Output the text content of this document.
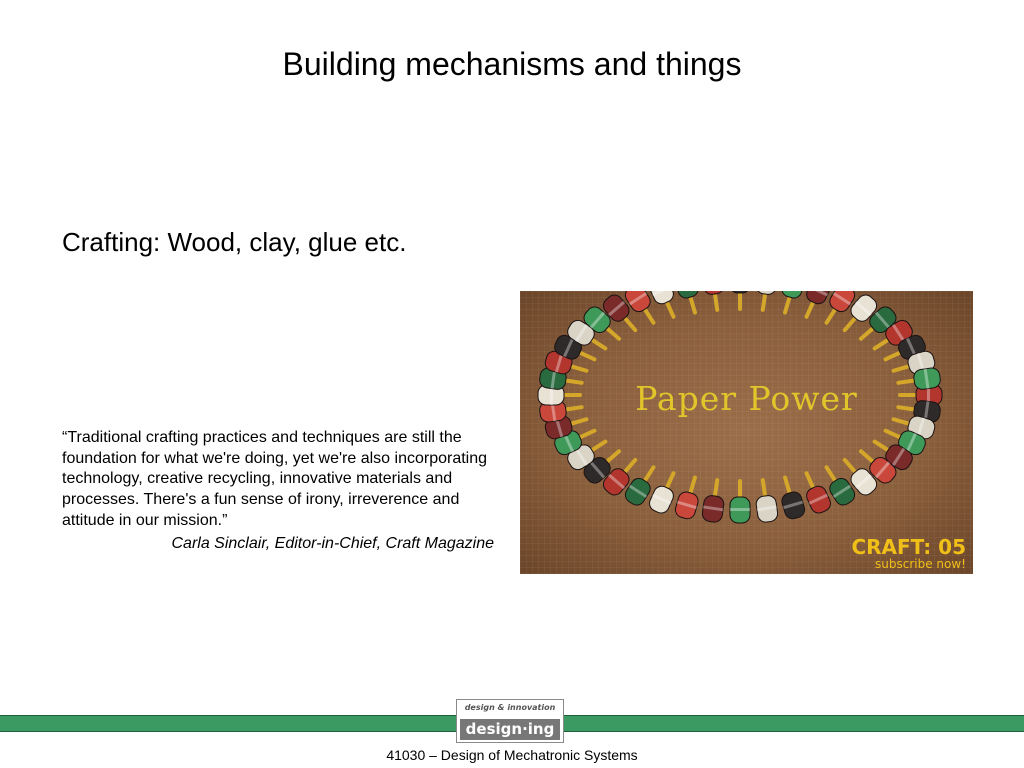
Building mechanisms and things
Crafting: Wood, clay, glue etc.
“Traditional crafting practices and techniques are still the foundation for what we're doing, yet we're also incorporating technology, creative recycling, innovative materials and processes. There's a fun sense of irony, irreverence and attitude in our mission.”
Carla Sinclair, Editor-in-Chief, Craft Magazine
Paper Power
CRAFT: 05
subscribe now!
design & innovation
design·ing
41030 – Design of Mechatronic Systems
